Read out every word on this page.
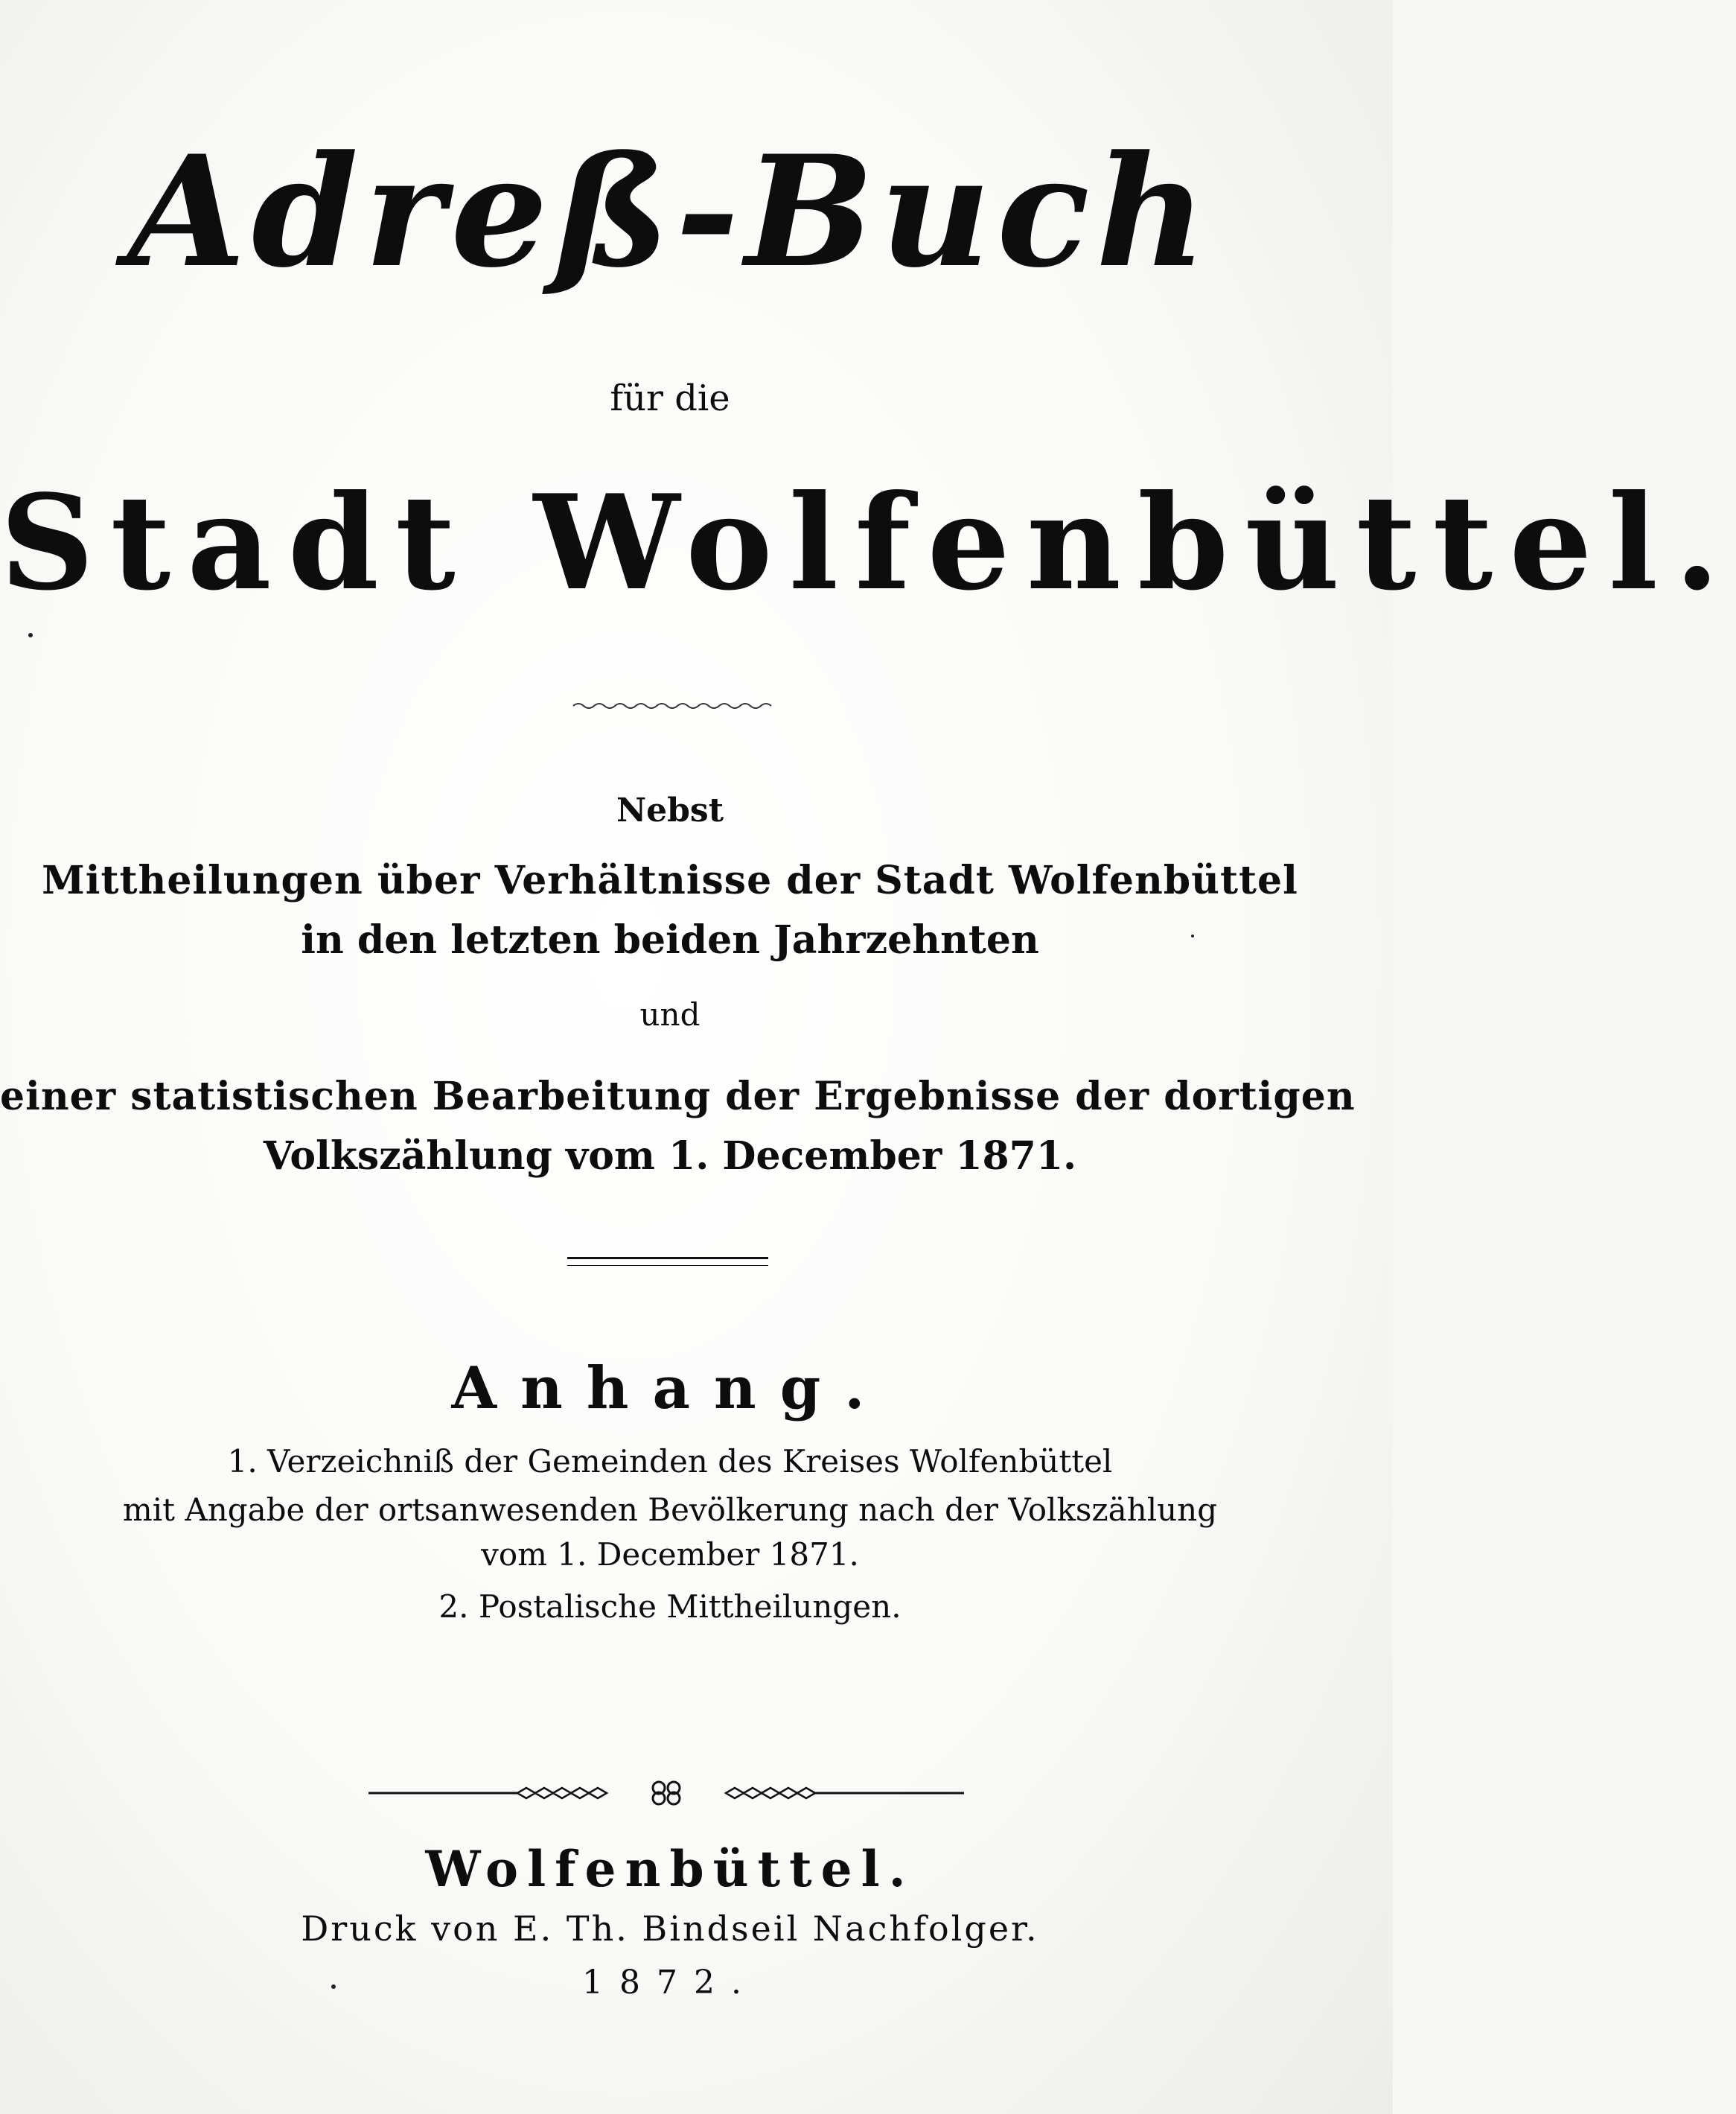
Adreß-Buch
für die
Stadt Wolfenbüttel.
Nebst
Mittheilungen über Verhältnisse der Stadt Wolfenbüttel
in den letzten beiden Jahrzehnten
und
einer statistischen Bearbeitung der Ergebnisse der dortigen
Volkszählung vom 1. December 1871.
Anhang.
1. Verzeichniß der Gemeinden des Kreises Wolfenbüttel
mit Angabe der ortsanwesenden Bevölkerung nach der Volkszählung
vom 1. December 1871.
2. Postalische Mittheilungen.
Wolfenbüttel.
Druck von E. Th. Bindseil Nachfolger.
1872.
